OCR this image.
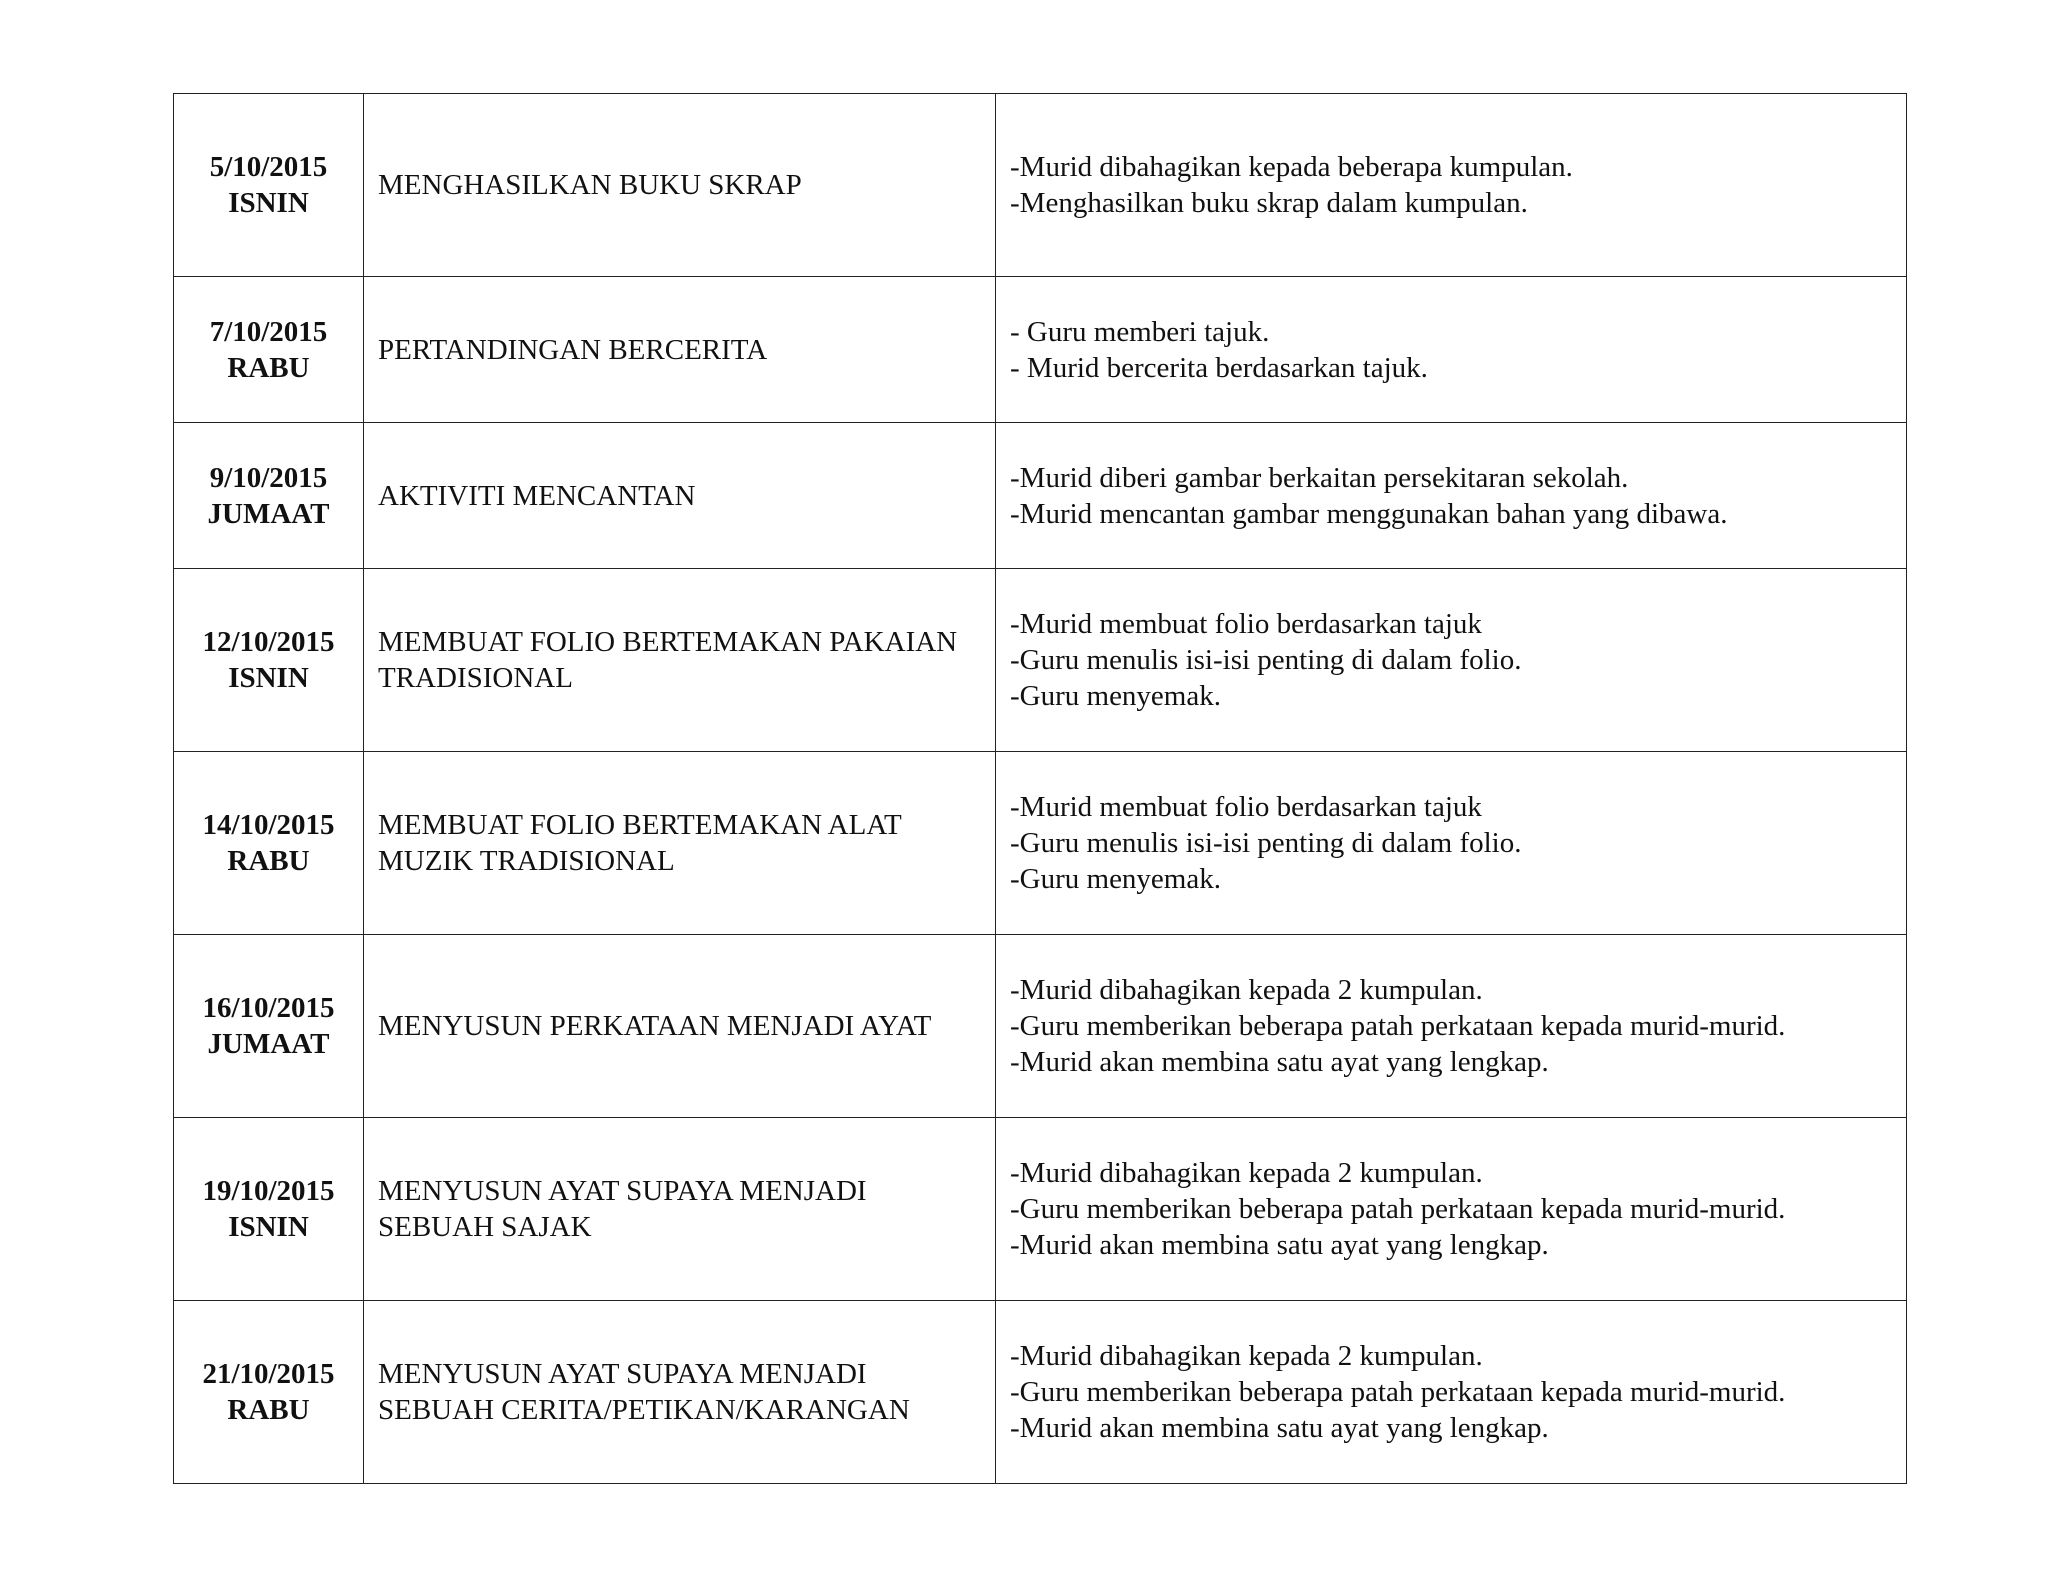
5/10/2015
ISNIN	MENGHASILKAN BUKU SKRAP	-Murid dibahagikan kepada beberapa kumpulan.
-Menghasilkan buku skrap dalam kumpulan.

7/10/2015
RABU	PERTANDINGAN BERCERITA	- Guru memberi tajuk.
- Murid bercerita berdasarkan tajuk.

9/10/2015
JUMAAT	AKTIVITI MENCANTAN	-Murid diberi gambar berkaitan persekitaran sekolah.
-Murid mencantan gambar menggunakan bahan yang dibawa.

12/10/2015
ISNIN	MEMBUAT FOLIO BERTEMAKAN PAKAIAN TRADISIONAL	-Murid membuat folio berdasarkan tajuk
-Guru menulis isi-isi penting di dalam folio.
-Guru menyemak.

14/10/2015
RABU	MEMBUAT FOLIO BERTEMAKAN ALAT MUZIK TRADISIONAL	-Murid membuat folio berdasarkan tajuk
-Guru menulis isi-isi penting di dalam folio.
-Guru menyemak.

16/10/2015
JUMAAT	MENYUSUN PERKATAAN MENJADI AYAT	-Murid dibahagikan kepada 2 kumpulan.
-Guru memberikan beberapa patah perkataan kepada murid-murid.
-Murid akan membina satu ayat yang lengkap.

19/10/2015
ISNIN	MENYUSUN AYAT SUPAYA MENJADI SEBUAH SAJAK	-Murid dibahagikan kepada 2 kumpulan.
-Guru memberikan beberapa patah perkataan kepada murid-murid.
-Murid akan membina satu ayat yang lengkap.

21/10/2015
RABU	MENYUSUN AYAT SUPAYA MENJADI SEBUAH CERITA/PETIKAN/KARANGAN	-Murid dibahagikan kepada 2 kumpulan.
-Guru memberikan beberapa patah perkataan kepada murid-murid.
-Murid akan membina satu ayat yang lengkap.
